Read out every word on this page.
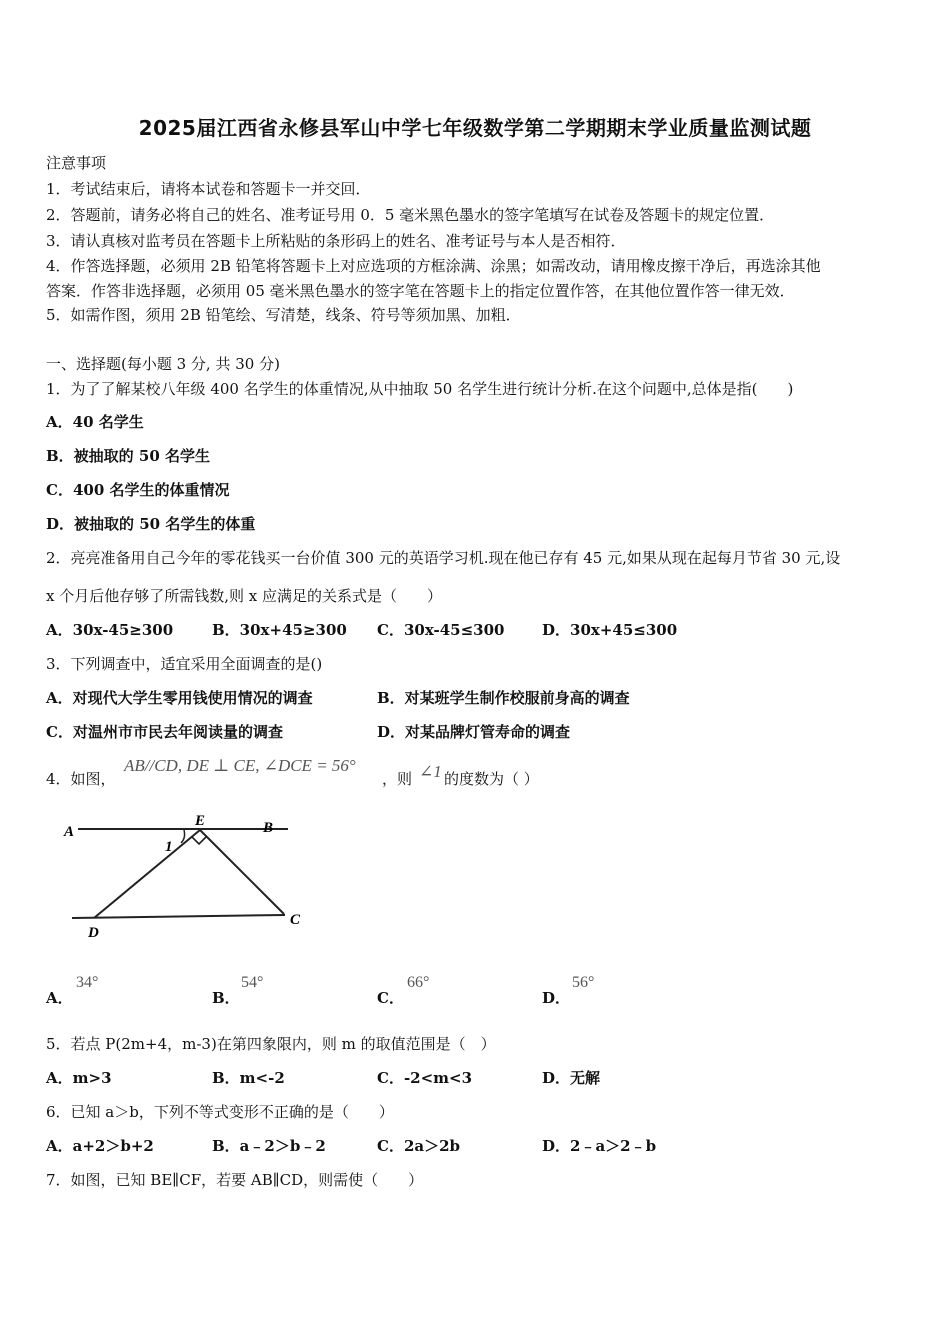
2025届江西省永修县军山中学七年级数学第二学期期末学业质量监测试题
注意事项
1．考试结束后，请将本试卷和答题卡一并交回．
2．答题前，请务必将自己的姓名、准考证号用 0．5 毫米黑色墨水的签字笔填写在试卷及答题卡的规定位置．
3．请认真核对监考员在答题卡上所粘贴的条形码上的姓名、准考证号与本人是否相符．
4．作答选择题，必须用 2B 铅笔将答题卡上对应选项的方框涂满、涂黑；如需改动，请用橡皮擦干净后，再选涂其他
答案．作答非选择题，必须用 05 毫米黑色墨水的签字笔在答题卡上的指定位置作答，在其他位置作答一律无效．
5．如需作图，须用 2B 铅笔绘、写清楚，线条、符号等须加黑、加粗．
一、选择题(每小题 3 分, 共 30 分)
1．为了了解某校八年级 400 名学生的体重情况,从中抽取 50 名学生进行统计分析.在这个问题中,总体是指(　　)
A．40 名学生
B．被抽取的 50 名学生
C．400 名学生的体重情况
D．被抽取的 50 名学生的体重
2．亮亮准备用自己今年的零花钱买一台价值 300 元的英语学习机.现在他已存有 45 元,如果从现在起每月节省 30 元,设
x 个月后他存够了所需钱数,则 x 应满足的关系式是（　　）
A．30x-45≥300	B．30x+45≥300 C．30x-45≤300	D．30x+45≤300
3．下列调查中，适宜采用全面调查的是()
A．对现代大学生零用钱使用情况的调查	B．对某班学生制作校服前身高的调查
C．对温州市市民去年阅读量的调查	D．对某品牌灯管寿命的调查
4．如图，
AB//CD, DE ⊥ CE, ∠DCE = 56°
，则 ∠1 的度数为（ ）
A	B
E
1
D
C
A．
34°
B．
54°
C．
66°
D．
56°
5．若点 P(2m+4，m-3)在第四象限内，则 m 的取值范围是（　）
A．m>3	B．m<-2	C．-2<m<3	D．无解
6．已知 a＞b，下列不等式变形不正确的是（　　）
A．a+2＞b+2	B．a﹣2＞b﹣2	C．2a＞2b	D．2﹣a＞2﹣b
7．如图，已知 BE∥CF，若要 AB∥CD，则需使（　　）
